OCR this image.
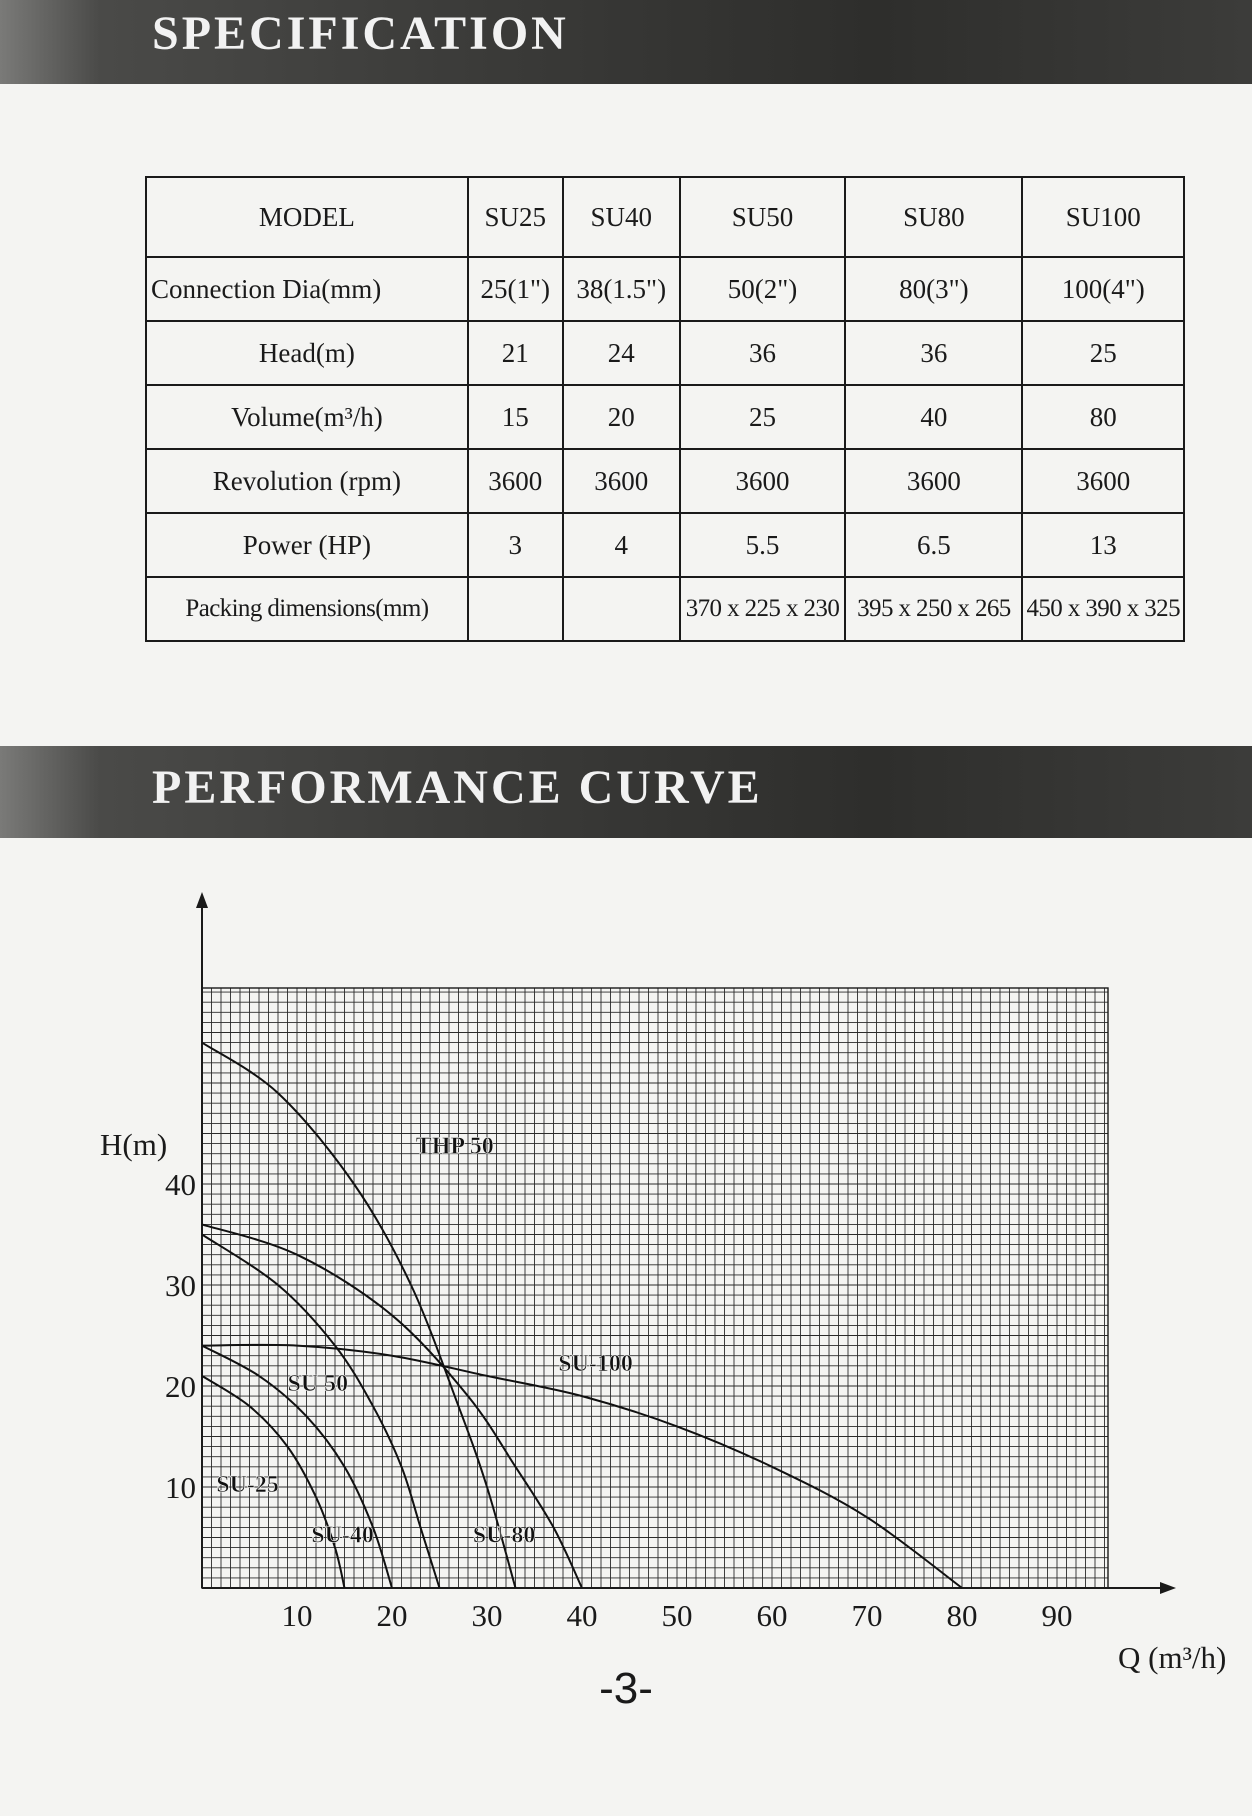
SPECIFICATION
MODEL	SU25	SU40	SU50	SU80	SU100
Connection Dia(mm)	25(1")	38(1.5")	50(2")	80(3")	100(4")
Head(m)	21	24	36	36	25
Volume(m³/h)	15	20	25	40	80
Revolution (rpm)	3600	3600	3600	3600	3600
Power (HP)	3	4	5.5	6.5	13
Packing dimensions(mm)			370 x 225 x 230	395 x 250 x 265	450 x 390 x 325
PERFORMANCE CURVE
10 20 30 40 50 60 70 80 90
10
20
30
40
H(m)
Q (m³/h)
THP 50
SU 50
SU-25
SU-40	SU-80
SU-100
-3-
